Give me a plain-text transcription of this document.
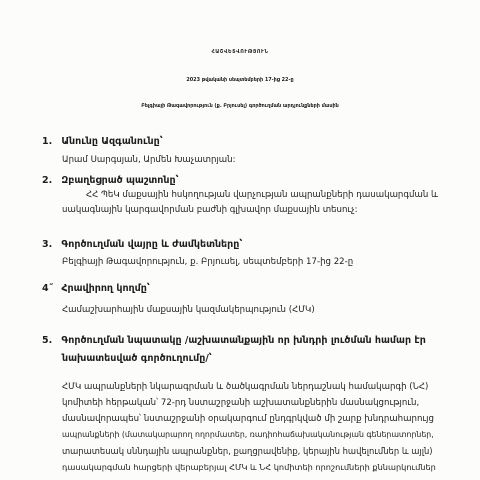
ՀԱՇՎԵՏՎՈՒԹՅՈՒՆ
2023 թվականի սեպտեմբերի 17-ից 22-ը
Բելգիայի Թագավորություն (ք. Բրյուսել) գործուղման արդյունքների մասին
1. Անունը Ազգանունը՝
Արամ Սարգսյան, Արմեն Խաչատրյան:
2. Զբաղեցրած պաշտոնը՝
ՀՀ ՊեԿ մաքսային հսկողության վարչության ապրանքների դասակարգման և
սակագնային կարգավորման բաժնի գլխավոր մաքսային տեսուչ:
3. Գործուղման վայրը և ժամկետները՝
Բելգիայի Թագավորություն, ք. Բրյուսել, սեպտեմբերի 17-ից 22-ը
4˝ Հրավիրող կողմը՝
Համաշխարհային մաքսային կազմակերպություն (ՀՄԿ)
5. Գործուղման նպատակը /աշխատանքային որ խնդրի լուծման համար էր
նախատեսված գործուղումը/՝
ՀՄԿ ապրանքների նկարագրման և ծածկագրման ներդաշնակ համակարգի (ՆՀ)
կոմիտեի հերթական՝ 72-րդ նստաշրջանի աշխատանքներին մասնակցություն,
մասնավորապես՝ նստաշրջանի օրակարգում ընդգրկված մի շարք խնդրահարույց
ապրանքների (մատակարարող ողորմատեր, ռադիոհաճախականության գեներատորներ,
տարատեսակ սննդային ապրանքներ, քաղցրավենիք, կերային հավելումներ և այլն)
դասակարգման հարցերի վերաբերյալ ՀՄԿ և ՆՀ կոմիտեի որոշումների քննարկումներ
